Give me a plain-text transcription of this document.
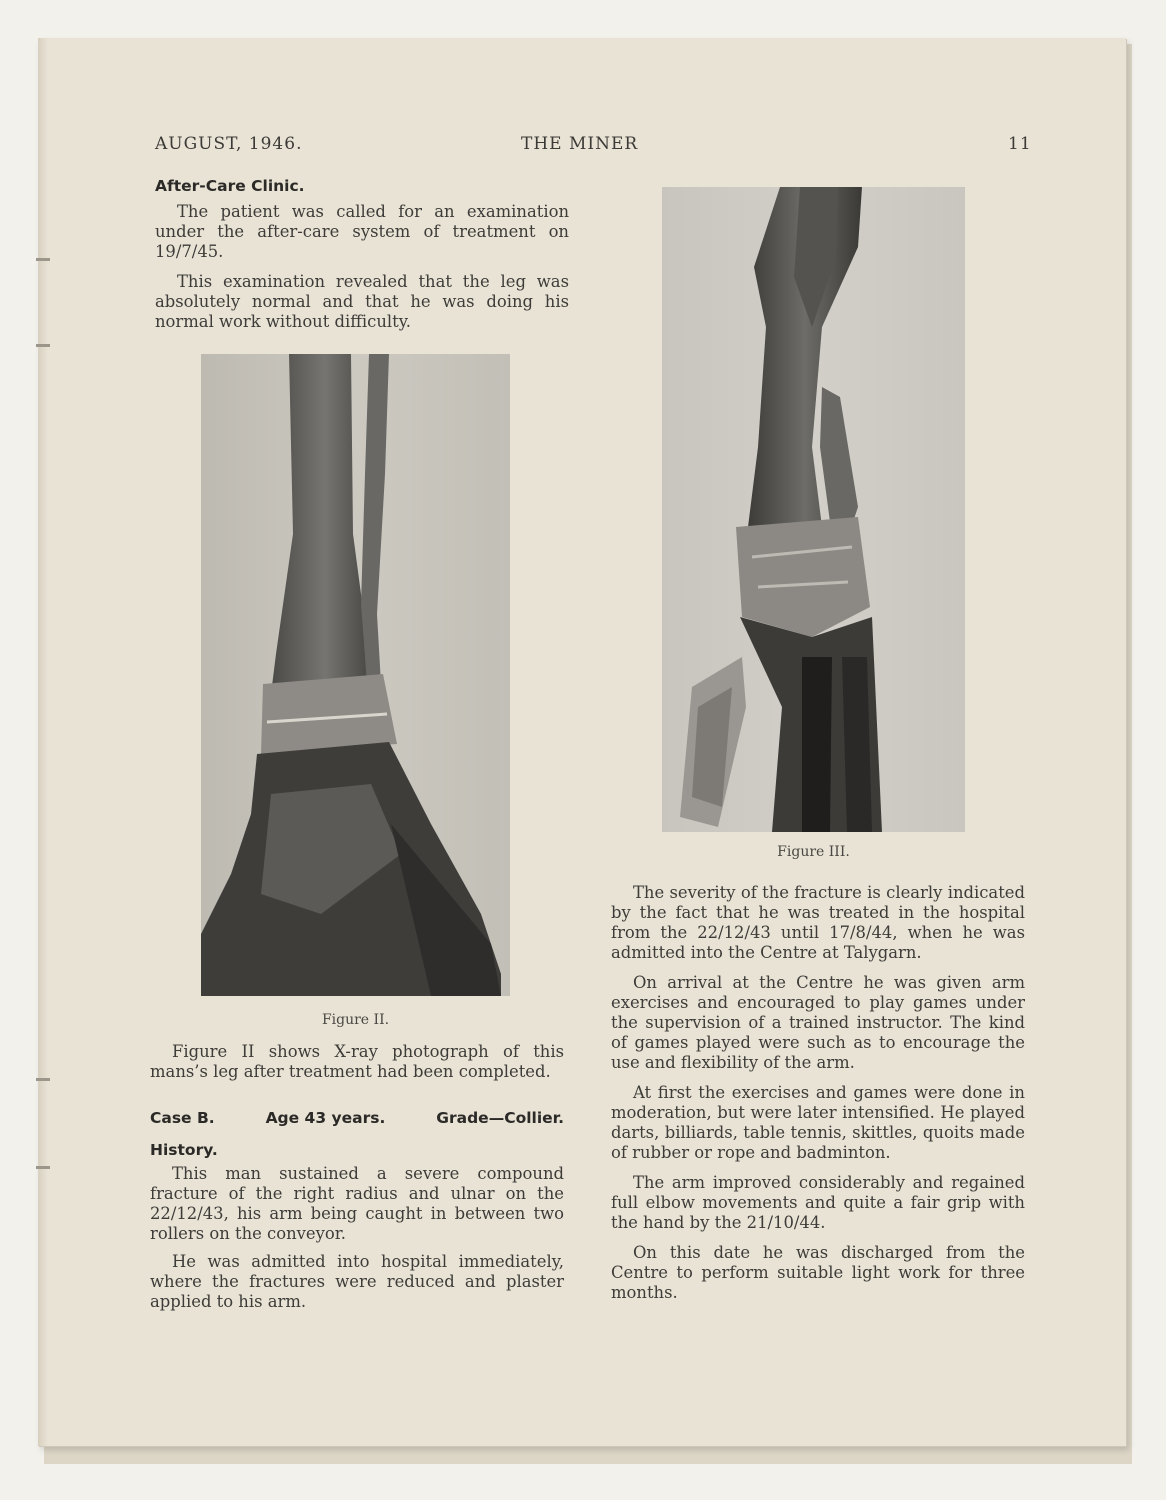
AUGUST, 1946.	THE MINER	11
After-Care Clinic.

The patient was called for an examination under the after-care system of treatment on 19/7/45.

This examination revealed that the leg was absolutely normal and that he was doing his normal work without difficulty.

Figure II.

Figure II shows X-ray photograph of this mans’s leg after treatment had been completed.

Case B.	Age 43 years.	Grade—Collier.
History.

This man sustained a severe compound fracture of the right radius and ulnar on the 22/12/43, his arm being caught in between two rollers on the conveyor.

He was admitted into hospital immediately, where the fractures were reduced and plaster applied to his arm.

Figure III.

The severity of the fracture is clearly indicated by the fact that he was treated in the hospital from the 22/12/43 until 17/8/44, when he was admitted into the Centre at Talygarn.

On arrival at the Centre he was given arm exercises and encouraged to play games under the supervision of a trained instructor. The kind of games played were such as to encourage the use and flexibility of the arm.

At first the exercises and games were done in moderation, but were later intensified. He played darts, billiards, table tennis, skittles, quoits made of rubber or rope and badminton.

The arm improved considerably and regained full elbow movements and quite a fair grip with the hand by the 21/10/44.

On this date he was discharged from the Centre to perform suitable light work for three months.
